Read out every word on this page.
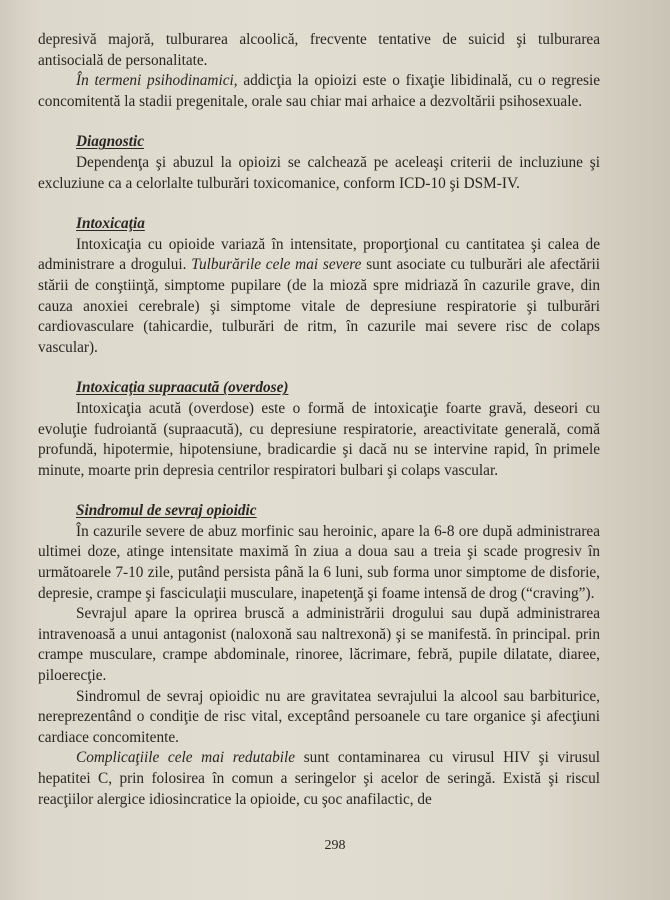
depresivă majoră, tulburarea alcoolică, frecvente tentative de suicid şi tulburarea antisocială de personalitate.

În termeni psihodinamici, addicţia la opioizi este o fixaţie libidinală, cu o regresie concomitentă la stadii pregenitale, orale sau chiar mai arhaice a dezvoltării psihosexuale.

Diagnostic

Dependenţa şi abuzul la opioizi se calchează pe aceleaşi criterii de incluziune şi excluziune ca a celorlalte tulburări toxicomanice, conform ICD-10 şi DSM-IV.

Intoxicaţia

Intoxicaţia cu opioide variază în intensitate, proporţional cu cantitatea şi calea de administrare a drogului. Tulburările cele mai severe sunt asociate cu tulburări ale afectării stării de conştiinţă, simptome pupilare (de la mioză spre midriază în cazurile grave, din cauza anoxiei cerebrale) şi simptome vitale de depresiune respiratorie şi tulburări cardiovasculare (tahicardie, tulburări de ritm, în cazurile mai severe risc de colaps vascular).

Intoxicaţia supraacută (overdose)

Intoxicaţia acută (overdose) este o formă de intoxicaţie foarte gravă, deseori cu evoluţie fudroiantă (supraacută), cu depresiune respiratorie, areactivitate generală, comă profundă, hipotermie, hipotensiune, bradicardie şi dacă nu se intervine rapid, în primele minute, moarte prin depresia centrilor respiratori bulbari şi colaps vascular.

Sindromul de sevraj opioidic

În cazurile severe de abuz morfinic sau heroinic, apare la 6-8 ore după administrarea ultimei doze, atinge intensitate maximă în ziua a doua sau a treia şi scade progresiv în următoarele 7-10 zile, putând persista până la 6 luni, sub forma unor simptome de disforie, depresie, crampe şi fasciculaţii musculare, inapetenţă şi foame intensă de drog (“craving”).

Sevrajul apare la oprirea bruscă a administrării drogului sau după administrarea intravenoasă a unui antagonist (naloxonă sau naltrexonă) şi se manifestă. în principal. prin crampe musculare, crampe abdominale, rinoree, lăcrimare, febră, pupile dilatate, diaree, piloerecţie.

Sindromul de sevraj opioidic nu are gravitatea sevrajului la alcool sau barbiturice, nereprezentând o condiţie de risc vital, exceptând persoanele cu tare organice şi afecţiuni cardiace concomitente.

Complicaţiile cele mai redutabile sunt contaminarea cu virusul HIV şi virusul hepatitei C, prin folosirea în comun a seringelor şi acelor de seringă. Există şi riscul reacţiilor alergice idiosincratice la opioide, cu şoc anafilactic, de

298
